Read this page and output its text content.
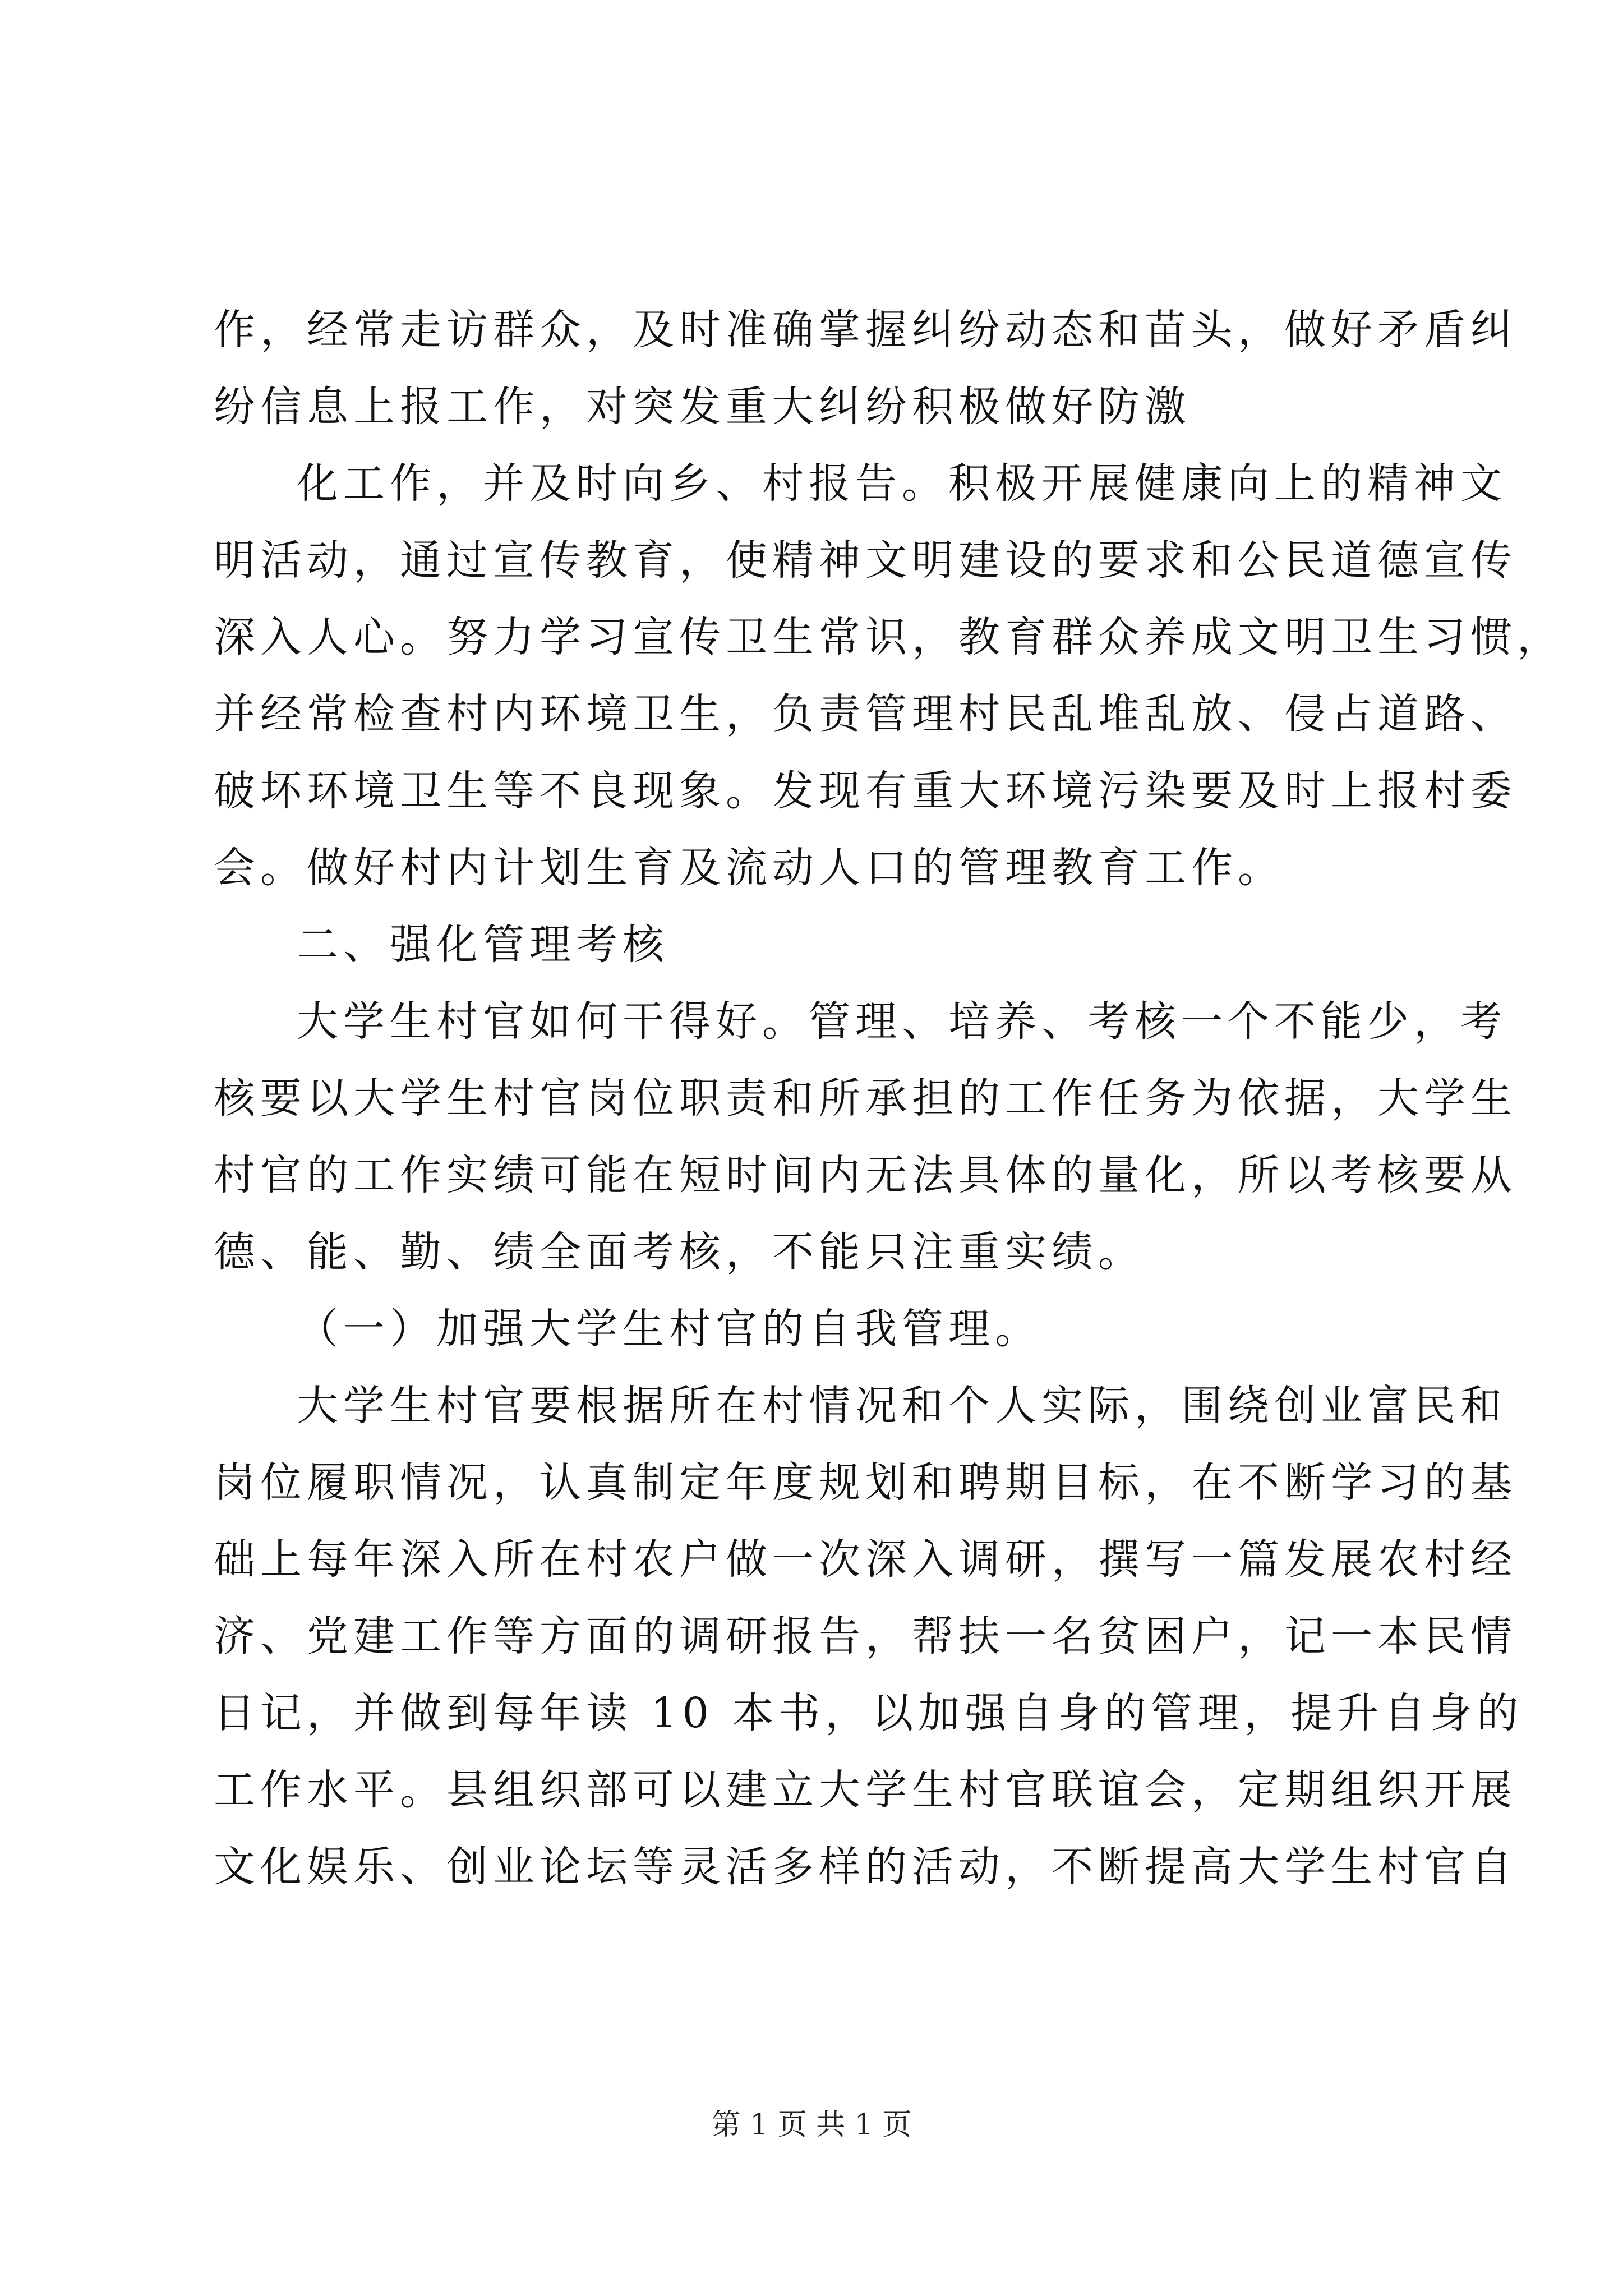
作，经常走访群众，及时准确掌握纠纷动态和苗头，做好矛盾纠
纷信息上报工作，对突发重大纠纷积极做好防激
化工作，并及时向乡、村报告。积极开展健康向上的精神文
明活动，通过宣传教育，使精神文明建设的要求和公民道德宣传
深入人心。努力学习宣传卫生常识，教育群众养成文明卫生习惯，
并经常检查村内环境卫生，负责管理村民乱堆乱放、侵占道路、
破坏环境卫生等不良现象。发现有重大环境污染要及时上报村委
会。做好村内计划生育及流动人口的管理教育工作。
二、强化管理考核
大学生村官如何干得好。管理、培养、考核一个不能少，考
核要以大学生村官岗位职责和所承担的工作任务为依据，大学生
村官的工作实绩可能在短时间内无法具体的量化，所以考核要从
德、能、勤、绩全面考核，不能只注重实绩。
（一）加强大学生村官的自我管理。
大学生村官要根据所在村情况和个人实际，围绕创业富民和
岗位履职情况，认真制定年度规划和聘期目标，在不断学习的基
础上每年深入所在村农户做一次深入调研，撰写一篇发展农村经
济、党建工作等方面的调研报告，帮扶一名贫困户，记一本民情
日记，并做到每年读 10 本书，以加强自身的管理，提升自身的
工作水平。县组织部可以建立大学生村官联谊会，定期组织开展
文化娱乐、创业论坛等灵活多样的活动，不断提高大学生村官自
第 1 页 共 1 页
